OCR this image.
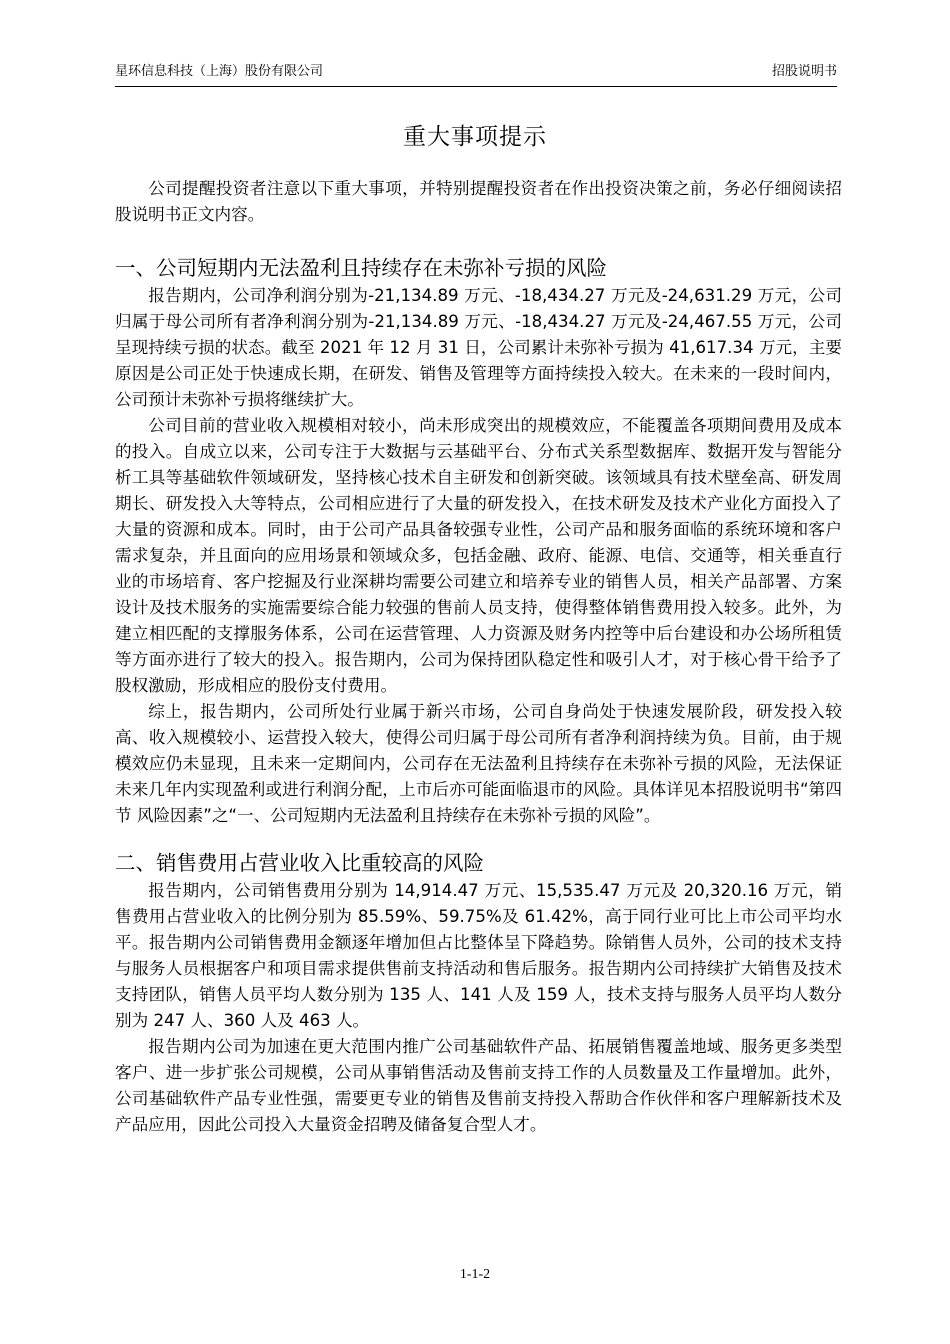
星环信息科技（上海）股份有限公司	招股说明书
重大事项提示

公司提醒投资者注意以下重大事项，并特别提醒投资者在作出投资决策之前，务必仔细阅读招股说明书正文内容。

一、公司短期内无法盈利且持续存在未弥补亏损的风险

报告期内，公司净利润分别为-21,134.89 万元、-18,434.27 万元及-24,631.29 万元，公司归属于母公司所有者净利润分别为-21,134.89 万元、-18,434.27 万元及-24,467.55 万元，公司呈现持续亏损的状态。截至 2021 年 12 月 31 日，公司累计未弥补亏损为 41,617.34 万元，主要原因是公司正处于快速成长期，在研发、销售及管理等方面持续投入较大。在未来的一段时间内，公司预计未弥补亏损将继续扩大。

公司目前的营业收入规模相对较小，尚未形成突出的规模效应，不能覆盖各项期间费用及成本的投入。自成立以来，公司专注于大数据与云基础平台、分布式关系型数据库、数据开发与智能分析工具等基础软件领域研发，坚持核心技术自主研发和创新突破。该领域具有技术壁垒高、研发周期长、研发投入大等特点，公司相应进行了大量的研发投入，在技术研发及技术产业化方面投入了大量的资源和成本。同时，由于公司产品具备较强专业性，公司产品和服务面临的系统环境和客户需求复杂，并且面向的应用场景和领域众多，包括金融、政府、能源、电信、交通等，相关垂直行业的市场培育、客户挖掘及行业深耕均需要公司建立和培养专业的销售人员，相关产品部署、方案设计及技术服务的实施需要综合能力较强的售前人员支持，使得整体销售费用投入较多。此外，为建立相匹配的支撑服务体系，公司在运营管理、人力资源及财务内控等中后台建设和办公场所租赁等方面亦进行了较大的投入。报告期内，公司为保持团队稳定性和吸引人才，对于核心骨干给予了股权激励，形成相应的股份支付费用。

综上，报告期内，公司所处行业属于新兴市场，公司自身尚处于快速发展阶段，研发投入较高、收入规模较小、运营投入较大，使得公司归属于母公司所有者净利润持续为负。目前，由于规模效应仍未显现，且未来一定期间内，公司存在无法盈利且持续存在未弥补亏损的风险，无法保证未来几年内实现盈利或进行利润分配，上市后亦可能面临退市的风险。具体详见本招股说明书“第四节 风险因素”之“一、公司短期内无法盈利且持续存在未弥补亏损的风险”。

二、销售费用占营业收入比重较高的风险

报告期内，公司销售费用分别为 14,914.47 万元、15,535.47 万元及 20,320.16 万元，销售费用占营业收入的比例分别为 85.59%、59.75%及 61.42%，高于同行业可比上市公司平均水平。报告期内公司销售费用金额逐年增加但占比整体呈下降趋势。除销售人员外，公司的技术支持与服务人员根据客户和项目需求提供售前支持活动和售后服务。报告期内公司持续扩大销售及技术支持团队，销售人员平均人数分别为 135 人、141 人及 159 人，技术支持与服务人员平均人数分别为 247 人、360 人及 463 人。

报告期内公司为加速在更大范围内推广公司基础软件产品、拓展销售覆盖地域、服务更多类型客户、进一步扩张公司规模，公司从事销售活动及售前支持工作的人员数量及工作量增加。此外，公司基础软件产品专业性强，需要更专业的销售及售前支持投入帮助合作伙伴和客户理解新技术及产品应用，因此公司投入大量资金招聘及储备复合型人才。

1-1-2
